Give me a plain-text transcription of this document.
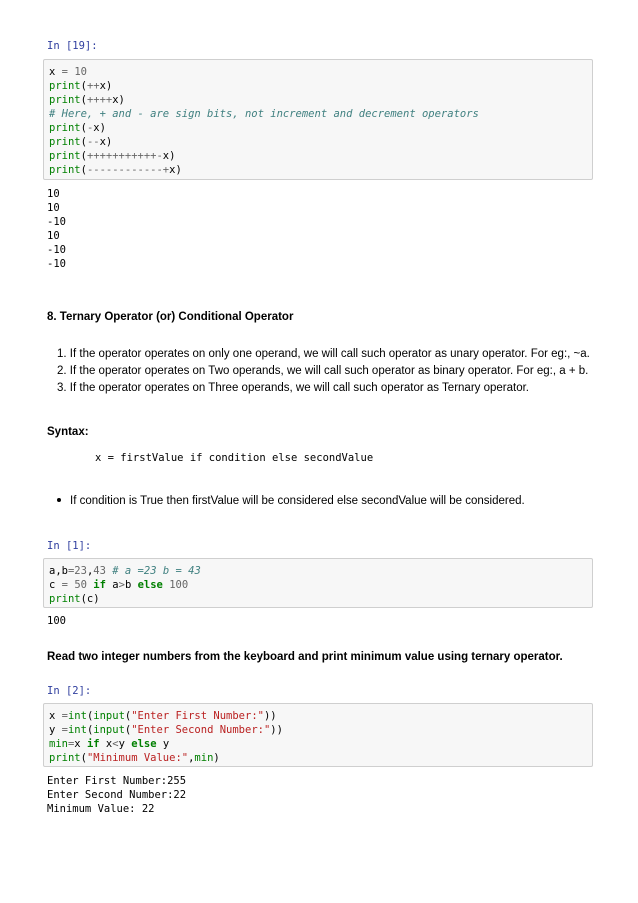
In [19]:
x = 10
print(++x)
print(++++x)
# Here, + and - are sign bits, not increment and decrement operators
print(-x)
print(--x)
print(+++++++++++-x)
print(------------+x)
10
10
-10
10
-10
-10
8. Ternary Operator (or) Conditional Operator
1. If the operator operates on only one operand, we will call such operator as unary operator. For eg:, ~a.
2. If the operator operates on Two operands, we will call such operator as binary operator. For eg:, a + b.
3. If the operator operates on Three operands, we will call such operator as Ternary operator.
Syntax:
x = firstValue if condition else secondValue
If condition is True then firstValue will be considered else secondValue will be considered.
In [1]:
a,b=23,43 # a =23 b = 43
c = 50 if a>b else 100
print(c)
100
Read two integer numbers from the keyboard and print minimum value using ternary operator.
In [2]:
x =int(input("Enter First Number:"))
y =int(input("Enter Second Number:"))
min=x if x<y else y
print("Minimum Value:",min)
Enter First Number:255
Enter Second Number:22
Minimum Value: 22
